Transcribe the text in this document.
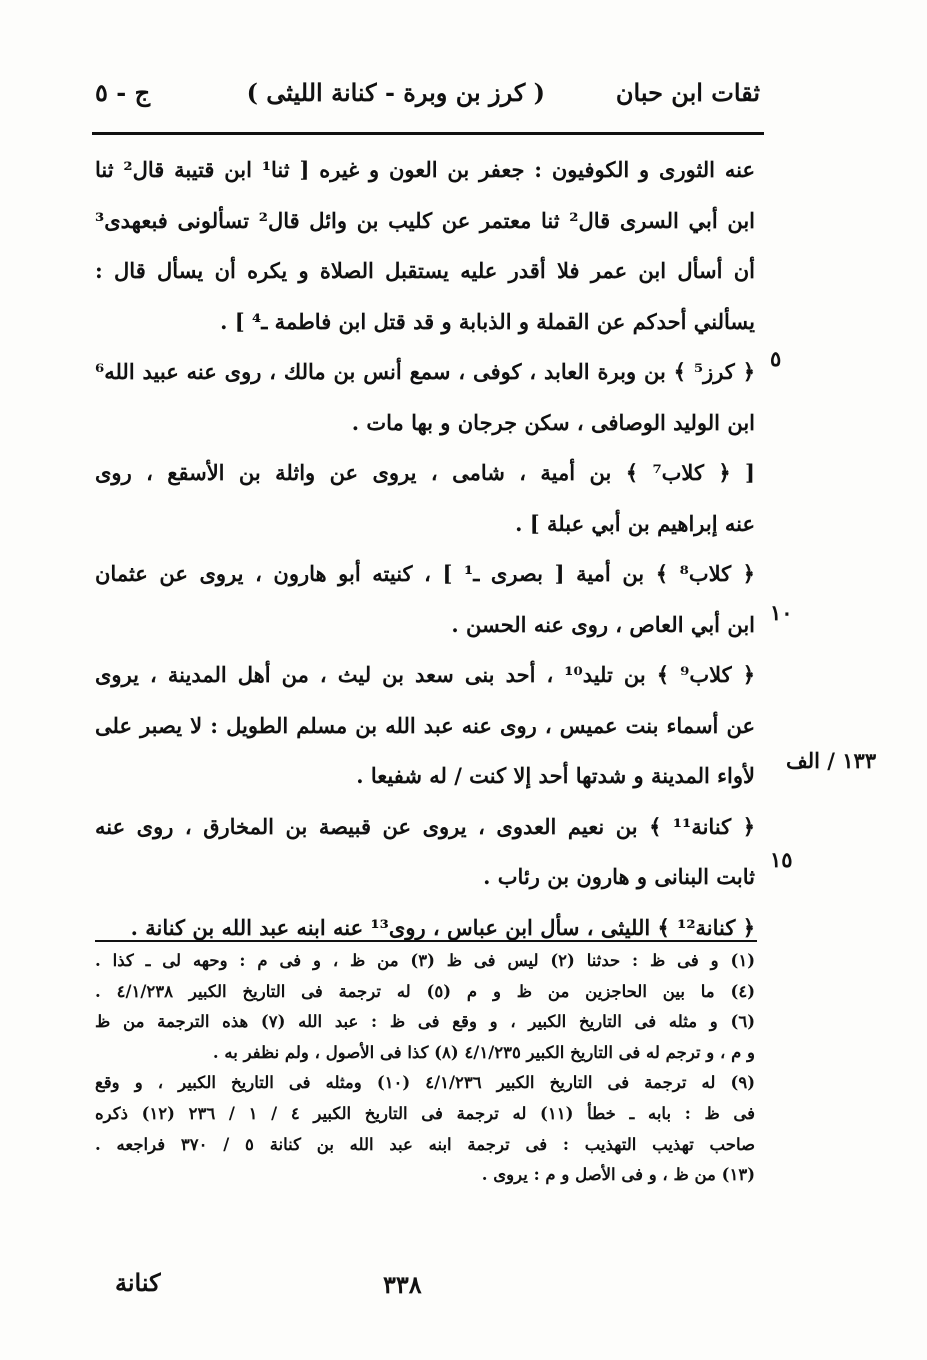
ثقات ابن حبان
( كرز بن وبرة - كنانة الليثى )
ج - ٥
عنه الثورى و الكوفيون : جعفر بن العون و غيره [ ثنا¹ ابن قتيبة قال² ثنا
ابن أبي السرى قال² ثنا معتمر عن كليب بن وائل قال² تسألونى فبعهدى³
أن أسأل ابن عمر فلا أقدر عليه يستقبل الصلاة و يكره أن يسأل قال :
يسألني أحدكم عن القملة و الذبابة و قد قتل ابن فاطمة ـ⁴ ] .
﴿ كرز⁵ ﴾ بن وبرة العابد ، كوفى ، سمع أنس بن مالك ، روى عنه عبيد الله⁶
ابن الوليد الوصافى ، سكن جرجان و بها مات .
[ ﴿ كلاب⁷ ﴾ بن أمية ، شامى ، يروى عن واثلة بن الأسقع ، روى
عنه إبراهيم بن أبي عبلة ] .
﴿ كلاب⁸ ﴾ بن أمية [ بصرى ـ¹ ] ، كنيته أبو هارون ، يروى عن عثمان
ابن أبي العاص ، روى عنه الحسن .
﴿ كلاب⁹ ﴾ بن تليد¹⁰ ، أحد بنى سعد بن ليث ، من أهل المدينة ، يروى
عن أسماء بنت عميس ، روى عنه عبد الله بن مسلم الطويل : لا يصبر على
لأواء المدينة و شدتها أحد إلا كنت / له شفيعا .
﴿ كنانة¹¹ ﴾ بن نعيم العدوى ، يروى عن قبيصة بن المخارق ، روى عنه
ثابت البنانى و هارون بن رئاب .
﴿ كنانة¹² ﴾ الليثى ، سأل ابن عباس ، روى¹³ عنه ابنه عبد الله بن كنانة .
٥
١٠
١٣٣ / الف
١٥
(١) و فى ظ : حدثنا (٢) ليس فى ظ (٣) من ظ ، و فى م : وحهه لى ـ كذا .
(٤) ما بين الحاجزين من ظ و م (٥) له ترجمة فى التاريخ الكبير ٤/١/٢٣٨ .
(٦) و مثله فى التاريخ الكبير ، و وقع فى ظ : عبد الله (٧) هذه الترجمة من ظ
و م ، و ترجم له فى التاريخ الكبير ٤/١/٢٣٥ (٨) كذا فى الأصول ، ولم نظفر به .
(٩) له ترجمة فى التاريخ الكبير ٤/١/٢٣٦ (١٠) ومثله فى التاريخ الكبير ، و وقع
فى ظ : بابه ـ خطأ (١١) له ترجمة فى التاريخ الكبير ٤ / ١ / ٢٣٦ (١٢) ذكره
صاحب تهذيب التهذيب : فى ترجمة ابنه عبد الله بن كنانة ٥ / ٣٧٠ فراجعه .
(١٣) من ظ ، و فى الأصل و م : يروى .
كنانة	٣٣٨
